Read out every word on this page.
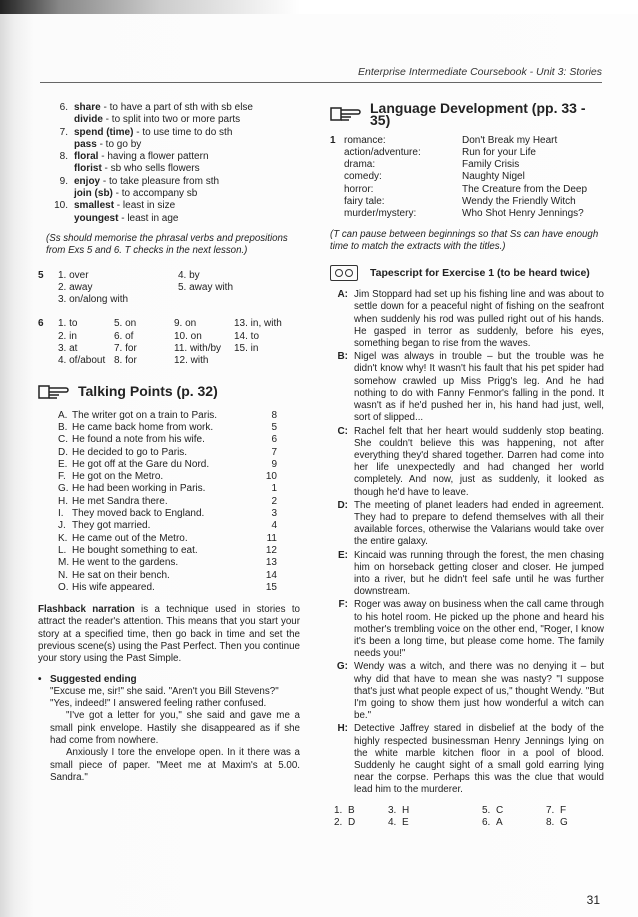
Enterprise Intermediate Coursebook - Unit 3: Stories
6. share - to have a part of sth with sb else
divide - to split into two or more parts
7. spend (time) - to use time to do sth
pass - to go by
8. floral - having a flower pattern
florist - sb who sells flowers
9. enjoy - to take pleasure from sth
join (sb) - to accompany sb
10. smallest - least in size
youngest - least in age
(Ss should memorise the phrasal verbs and prepositions from Exs 5 and 6. T checks in the next lesson.)
5	1. over	4. by
2. away	5. away with
3. on/along with
6	1. to	5. on	9. on	13. in, with
2. in	6. of	10. on	14. to
3. at	7. for	11. with/by	15. in
4. of/about 8. for	12. with
Talking Points (p. 32)
A. The writer got on a train to Paris.	8
B. He came back home from work.	5
C. He found a note from his wife.	6
D. He decided to go to Paris.	7
E. He got off at the Gare du Nord.	9
F. He got on the Metro.	10
G. He had been working in Paris.	1
H. He met Sandra there.	2
I. They moved back to England.	3
J. They got married.	4
K. He came out of the Metro.	11
L. He bought something to eat.	12
M. He went to the gardens.	13
N. He sat on their bench.	14
O. His wife appeared.	15
Flashback narration is a technique used in stories to attract the reader's attention. This means that you start your story at a specified time, then go back in time and set the previous scene(s) using the Past Perfect. Then you continue your story using the Past Simple.
• Suggested ending

"Excuse me, sir!" she said. "Aren't you Bill Stevens?"

"Yes, indeed!" I answered feeling rather confused.

"I've got a letter for you," she said and gave me a small pink envelope. Hastily she disappeared as if she had come from nowhere.

Anxiously I tore the envelope open. In it there was a small piece of paper. "Meet me at Maxim's at 5.00. Sandra."

Language Development (pp. 33 - 35)
1 romance:	Don't Break my Heart
action/adventure:	Run for your Life
drama:	Family Crisis
comedy:	Naughty Nigel
horror:	The Creature from the Deep
fairy tale:	Wendy the Friendly Witch
murder/mystery:	Who Shot Henry Jennings?
(T can pause between beginnings so that Ss can have enough time to match the extracts with the titles.)
Tapescript for Exercise 1 (to be heard twice)
A: Jim Stoppard had set up his fishing line and was about to settle down for a peaceful night of fishing on the seafront when suddenly his rod was pulled right out of his hands. He gasped in terror as suddenly, before his eyes, something began to rise from the waves.
B: Nigel was always in trouble – but the trouble was he didn't know why! It wasn't his fault that his pet spider had somehow crawled up Miss Prigg's leg. And he had nothing to do with Fanny Fenmor's falling in the pond. It wasn't as if he'd pushed her in, his hand had just, well, sort of slipped...
C: Rachel felt that her heart would suddenly stop beating. She couldn't believe this was happening, not after everything they'd shared together. Darren had come into her life unexpectedly and had changed her world completely. And now, just as suddenly, it looked as though he'd have to leave.
D: The meeting of planet leaders had ended in agreement. They had to prepare to defend themselves with all their available forces, otherwise the Valarians would take over the entire galaxy.
E: Kincaid was running through the forest, the men chasing him on horseback getting closer and closer. He jumped into a river, but he didn't feel safe until he was further downstream.
F: Roger was away on business when the call came through to his hotel room. He picked up the phone and heard his mother's trembling voice on the other end, "Roger, I know it's been a long time, but please come home. The family needs you!"
G: Wendy was a witch, and there was no denying it – but why did that have to mean she was nasty? "I suppose that's just what people expect of us," thought Wendy. "But I'm going to show them just how wonderful a witch can be."
H: Detective Jaffrey stared in disbelief at the body of the highly respected businessman Henry Jennings lying on the white marble kitchen floor in a pool of blood. Suddenly he caught sight of a small gold earring lying near the corpse. Perhaps this was the clue that would lead him to the murderer.
1. B	3. H	5. C	7. F
2. D	4. E	6. A	8. G
31
